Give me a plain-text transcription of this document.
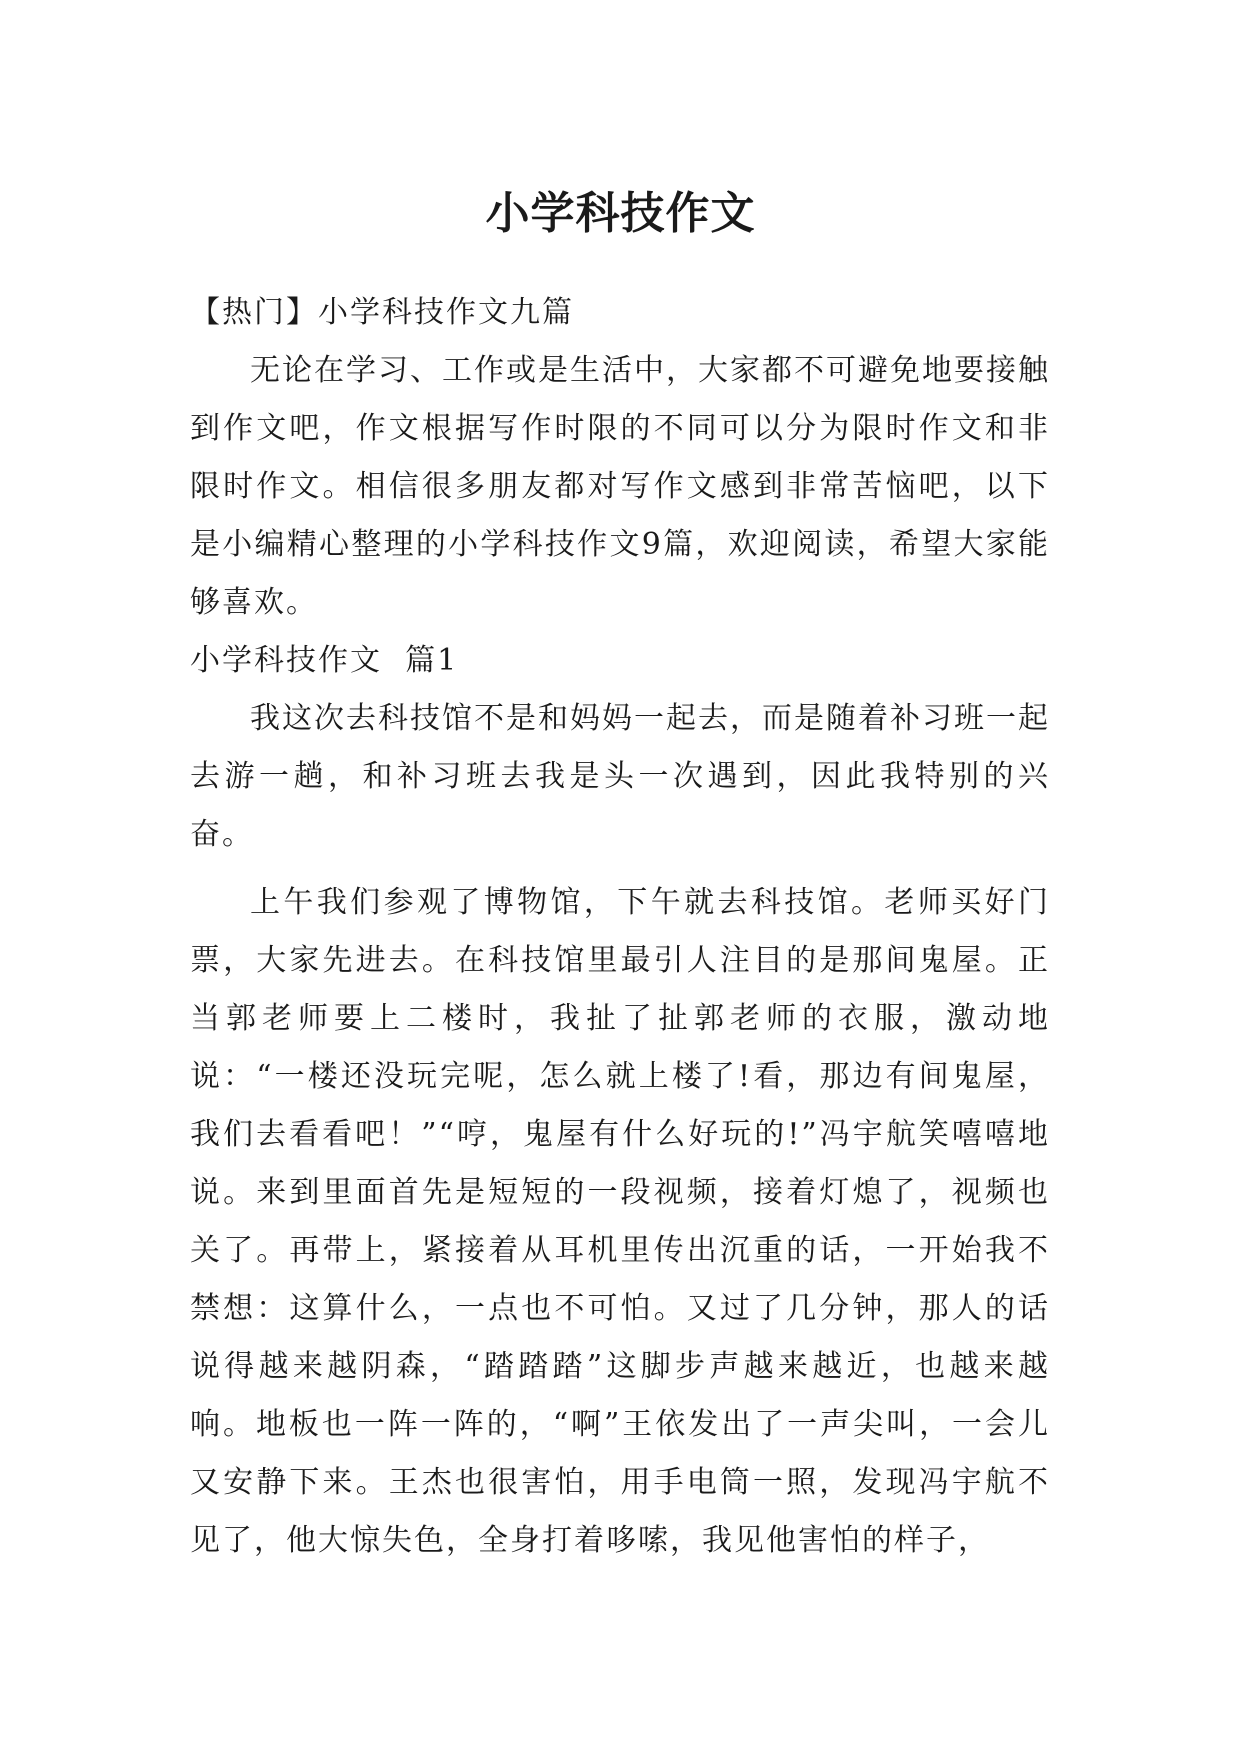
小学科技作文

【热门】小学科技作文九篇

无论在学习、工作或是生活中，大家都不可避免地要接触到作文吧，作文根据写作时限的不同可以分为限时作文和非限时作文。相信很多朋友都对写作文感到非常苦恼吧，以下是小编精心整理的小学科技作文9篇，欢迎阅读，希望大家能够喜欢。

小学科技作文  篇1

我这次去科技馆不是和妈妈一起去，而是随着补习班一起去游一趟，和补习班去我是头一次遇到，因此我特别的兴奋。

上午我们参观了博物馆，下午就去科技馆。老师买好门票，大家先进去。在科技馆里最引人注目的是那间鬼屋。正当郭老师要上二楼时，我扯了扯郭老师的衣服，激动地说：“一楼还没玩完呢，怎么就上楼了!看，那边有间鬼屋，我们去看看吧！”“哼，鬼屋有什么好玩的!”冯宇航笑嘻嘻地说。来到里面首先是短短的一段视频，接着灯熄了，视频也关了。再带上，紧接着从耳机里传出沉重的话，一开始我不禁想：这算什么，一点也不可怕。又过了几分钟，那人的话说得越来越阴森，“踏踏踏”这脚步声越来越近，也越来越响。地板也一阵一阵的，“啊”王依发出了一声尖叫，一会儿又安静下来。王杰也很害怕，用手电筒一照，发现冯宇航不见了，他大惊失色，全身打着哆嗦，我见他害怕的样子，
